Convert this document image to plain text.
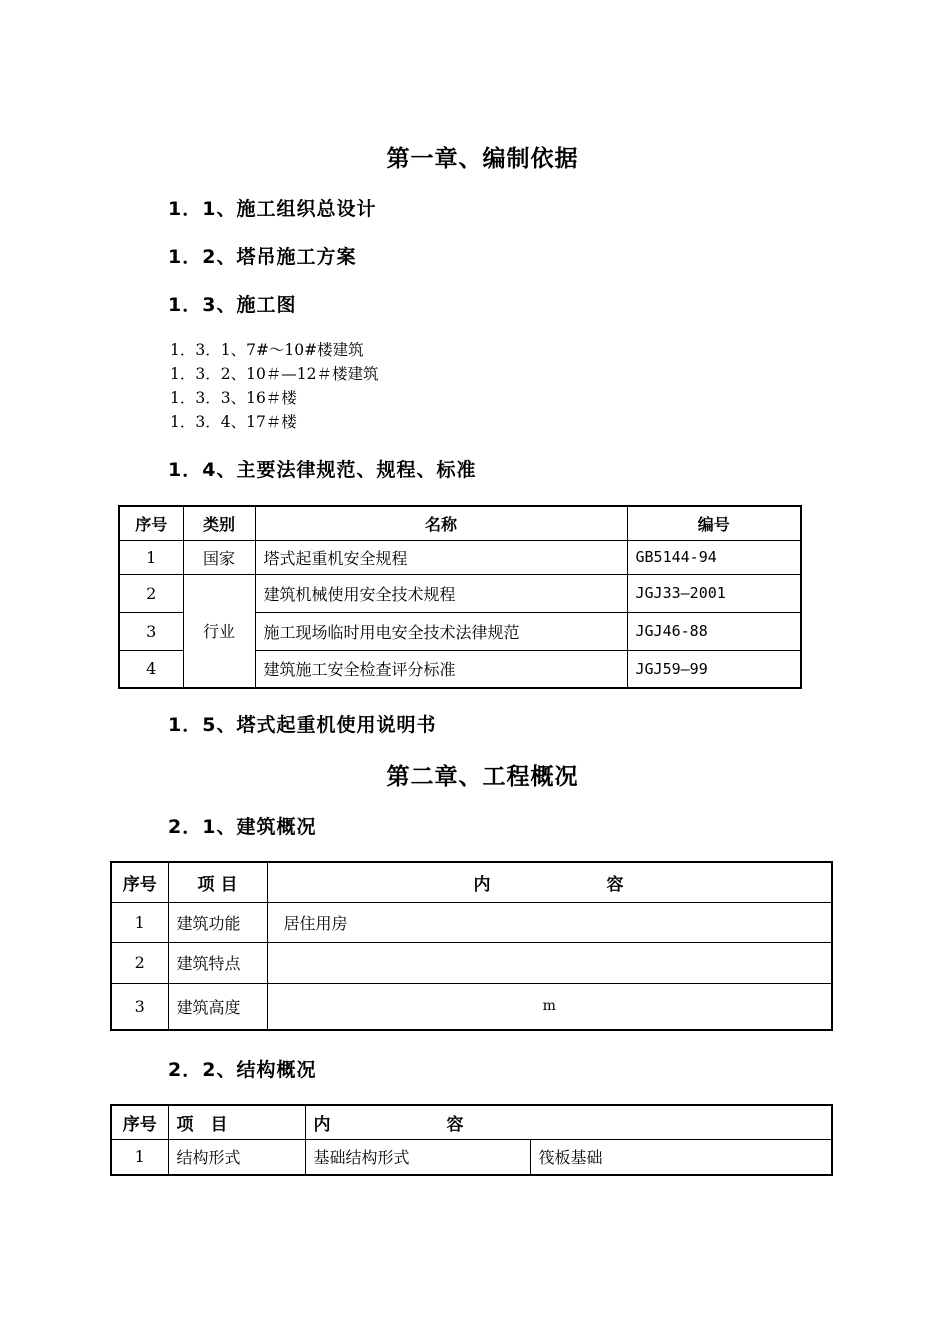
第一章、编制依据
1．1、施工组织总设计
1．2、塔吊施工方案
1．3、施工图
1．3．1、7#～10#楼建筑
1．3．2、10＃—12＃楼建筑
1．3．3、16＃楼
1．3．4、17＃楼
1．4、主要法律规范、规程、标准
序号	类别	名称	编号
1	国家	塔式起重机安全规程	GB5144-94
2	行业	建筑机械使用安全技术规程	JGJ33—2001
3		施工现场临时用电安全技术法律规范	JGJ46-88
4		建筑施工安全检查评分标准	JGJ59—99
1．5、塔式起重机使用说明书
第二章、工程概况
2．1、建筑概况
序号	项 目	内 容
1	建筑功能	居住用房
2	建筑特点	
3	建筑高度	m
2．2、结构概况
序号	项　目	内 容	
1	结构形式	基础结构形式	筏板基础
